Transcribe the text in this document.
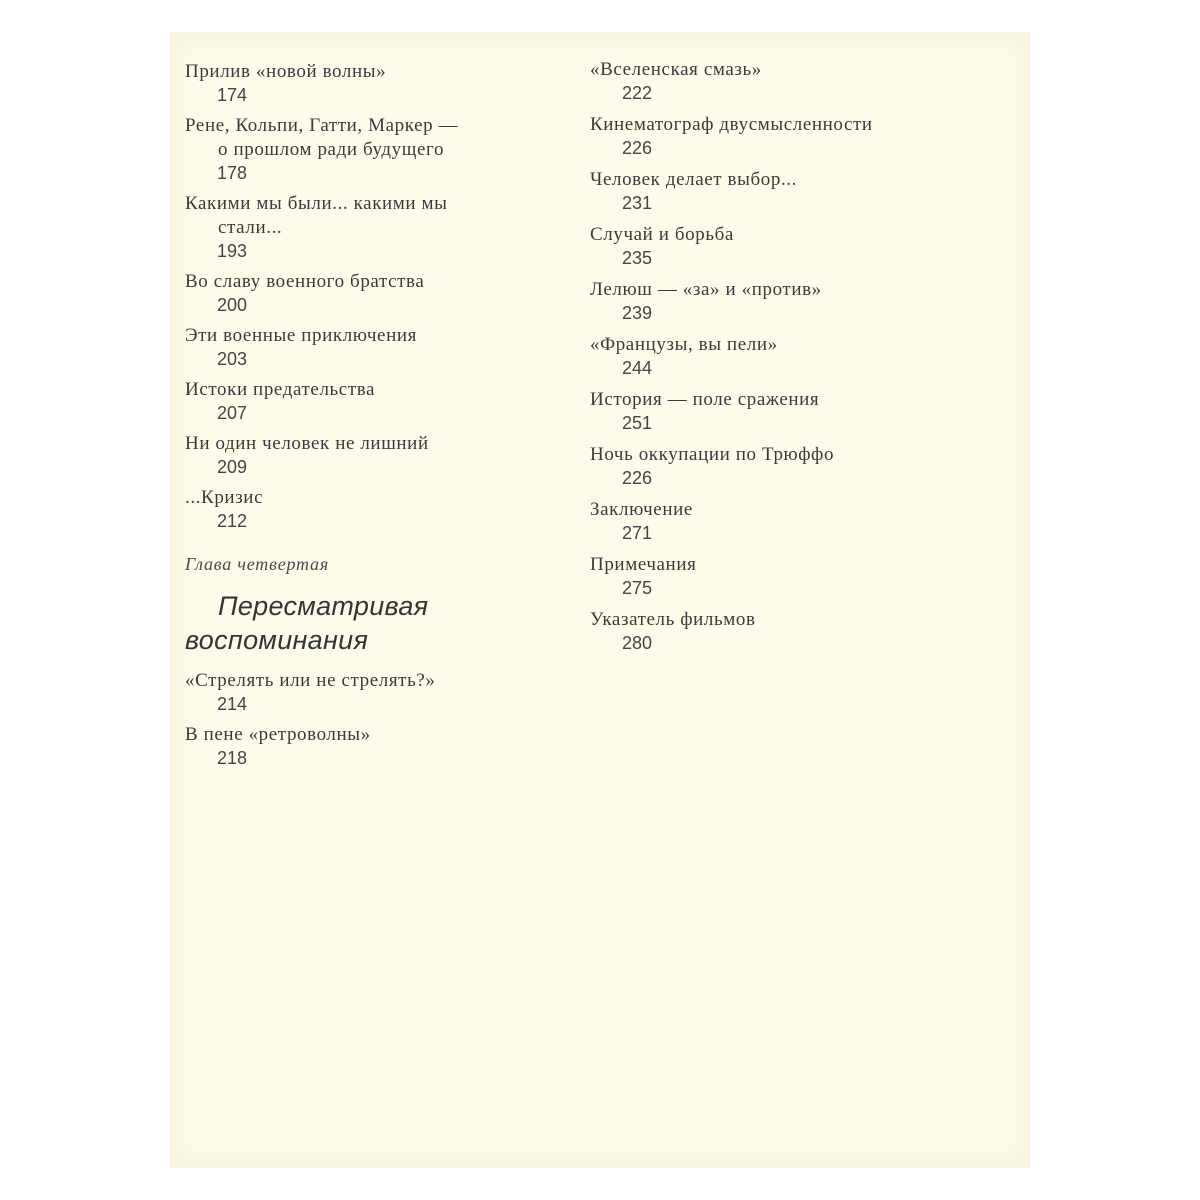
Прилив «новой волны»
174
Рене, Кольпи, Гатти, Маркер —
о прошлом ради будущего
178
Какими мы были... какими мы
стали...
193
Во славу военного братства
200
Эти военные приключения
203
Истоки предательства
207
Ни один человек не лишний
209
...Кризис
212
Глава четвертая
Пересматривая
воспоминания
«Стрелять или не стрелять?»
214
В пене «ретроволны»
218
«Вселенская смазь»
222
Кинематограф двусмысленности
226
Человек делает выбор...
231
Случай и борьба
235
Лелюш — «за» и «против»
239
«Французы, вы пели»
244
История — поле сражения
251
Ночь оккупации по Трюффо
226
Заключение
271
Примечания
275
Указатель фильмов
280
